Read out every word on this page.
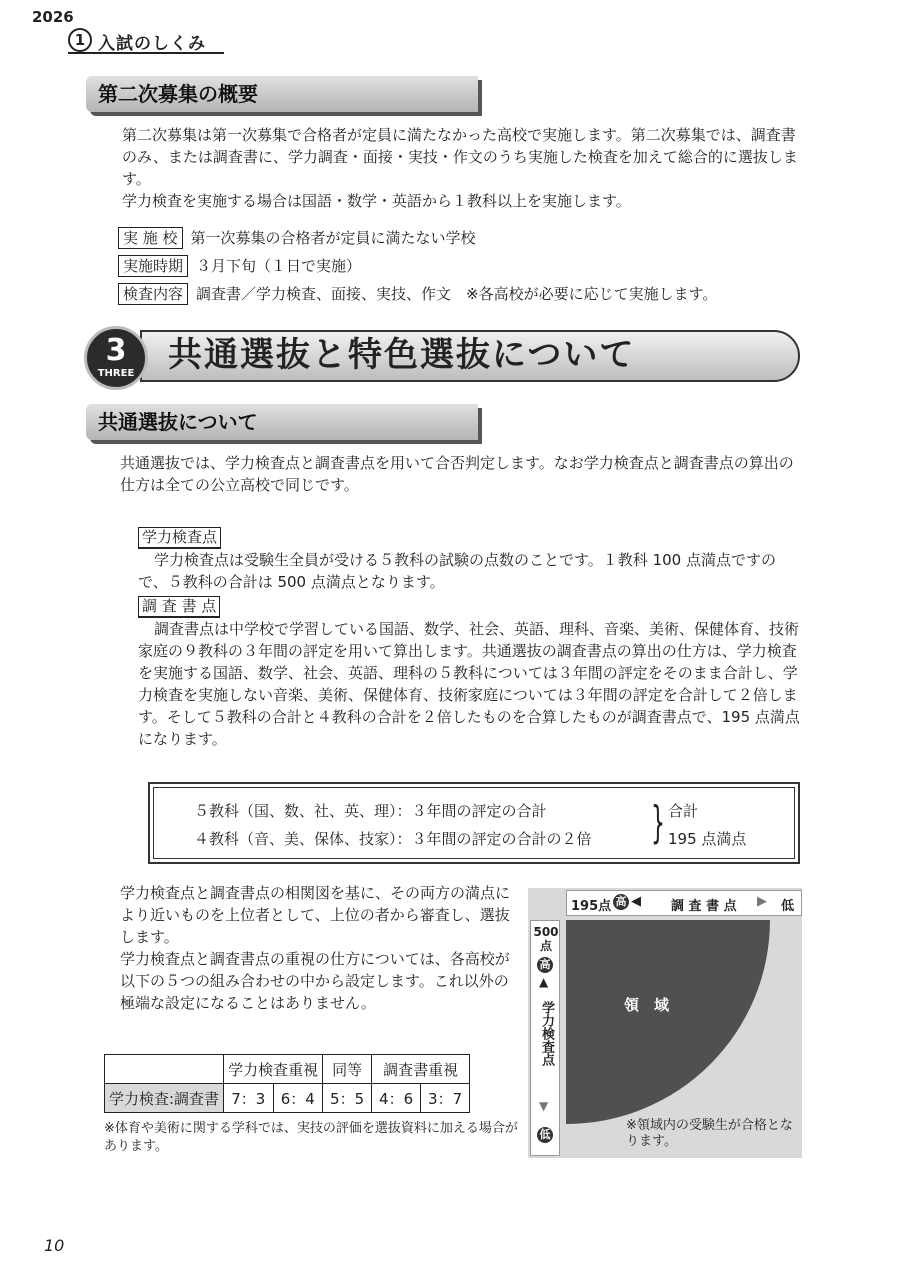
2026
1 入試のしくみ
第二次募集の概要
第二次募集は第一次募集で合格者が定員に満たなかった高校で実施します。第二次募集では、調査書のみ、または調査書に、学力調査・面接・実技・作文のうち実施した検査を加えて総合的に選抜します。
学力検査を実施する場合は国語・数学・英語から１教科以上を実施します。
実 施 校 第一次募集の合格者が定員に満たない学校
実施時期 ３月下旬（１日で実施）
検査内容 調査書／学力検査、面接、実技、作文　※各高校が必要に応じて実施します。
3
THREE 共通選抜と特色選抜について
共通選抜について
共通選抜では、学力検査点と調査書点を用いて合否判定します。なお学力検査点と調査書点の算出の仕方は全ての公立高校で同じです。
学力検査点
学力検査点は受験生全員が受ける５教科の試験の点数のことです。１教科 100 点満点ですので、５教科の合計は 500 点満点となります。
調 査 書 点
調査書点は中学校で学習している国語、数学、社会、英語、理科、音楽、美術、保健体育、技術家庭の９教科の３年間の評定を用いて算出します。共通選抜の調査書点の算出の仕方は、学力検査を実施する国語、数学、社会、英語、理科の５教科については３年間の評定をそのまま合計し、学力検査を実施しない音楽、美術、保健体育、技術家庭については３年間の評定を合計して２倍します。そして５教科の合計と４教科の合計を２倍したものを合算したものが調査書点で、195 点満点になります。
５教科（国、数、社、英、理）：３年間の評定の合計
４教科（音、美、保体、技家）：３年間の評定の合計の２倍 } 合計
195 点満点
学力検査点と調査書点の相関図を基に、その両方の満点により近いものを上位者として、上位の者から審査し、選抜します。
学力検査点と調査書点の重視の仕方については、各高校が以下の５つの組み合わせの中から設定します。これ以外の極端な設定になることはありません。
	学力検査重視		同等	調査書重視	
学力検査:調査書	7：3	6：4	5：5	4：6	3：7
※体育や美術に関する学科では、実技の評価を選抜資料に加える場合があります。
195点 高 ◀ 調 査 書 点 ▶ 低
500点
高
▲
学力検査点
▼
低
領　域
※領域内の受験生が合格となります。
10
